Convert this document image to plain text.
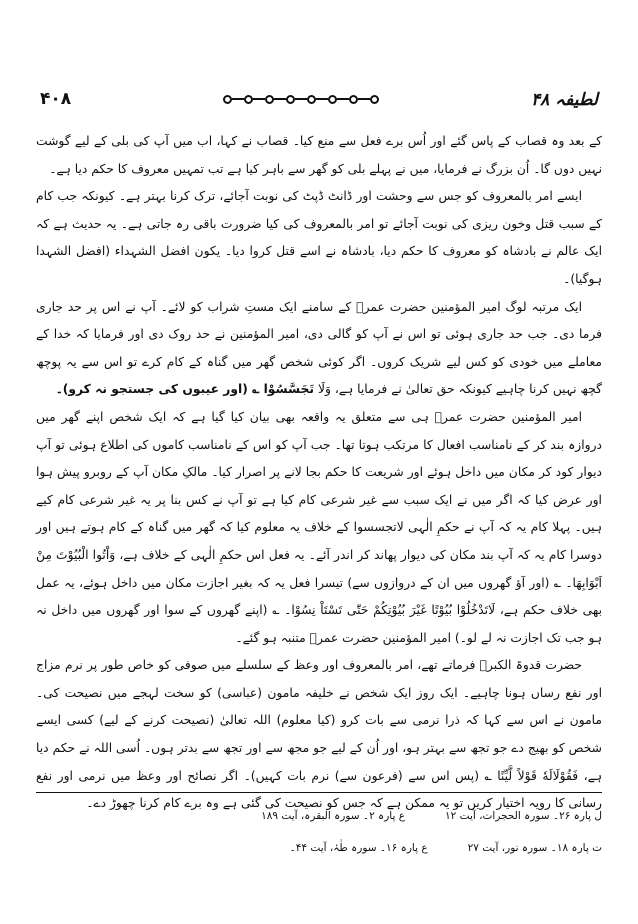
۴۰۸	لطیفہ ۴۸

کے بعد وہ قصاب کے پاس گئے اور اُس برے فعل سے منع کیا۔ قصاب نے کہا، اب میں آپ کی بلی کے لیے گوشت نہیں دوں گا۔ اُن بزرگ نے فرمایا، میں نے پہلے بلی کو گھر سے باہر کیا ہے تب تمہیں معروف کا حکم دیا ہے۔

ایسے امر بالمعروف کو جس سے وحشت اور ڈانٹ ڈپٹ کی نوبت آجائے، ترک کرنا بہتر ہے۔ کیونکہ جب کام کے سبب قتل وخون ریزی کی نوبت آجائے تو امر بالمعروف کی کیا ضرورت باقی رہ جاتی ہے۔ یہ حدیث ہے کہ ایک عالم نے بادشاہ کو معروف کا حکم دیا، بادشاہ نے اسے قتل کروا دیا۔ یکون افضل الشہداء (افضل الشہدا ہوگیا)۔

ایک مرتبہ لوگ امیر المؤمنین حضرت عمرؓ کے سامنے ایک مستِ شراب کو لائے۔ آپ نے اس پر حد جاری فرما دی۔ جب حد جاری ہوئی تو اس نے آپ کو گالی دی، امیر المؤمنین نے حد روک دی اور فرمایا کہ خدا کے معاملے میں خودی کو کس لیے شریک کروں۔ اگر کوئی شخص گھر میں گناہ کے کام کرے تو اس سے یہ پوچھ گچھ نہیں کرنا چاہیے کیونکہ حق تعالیٰ نے فرمایا ہے، وَلَا تَجَسَّسُوْا ؎ (اور عیبوں کی جستجو نہ کرو)۔

امیر المؤمنین حضرت عمرؓ ہی سے متعلق یہ واقعہ بھی بیان کیا گیا ہے کہ ایک شخص اپنے گھر میں دروازہ بند کر کے نامناسب افعال کا مرتکب ہوتا تھا۔ جب آپ کو اس کے نامناسب کاموں کی اطلاع ہوئی تو آپ دیوار کود کر مکان میں داخل ہوئے اور شریعت کا حکم بجا لانے پر اصرار کیا۔ مالکِ مکان آپ کے روبرو پیش ہوا اور عرض کیا کہ اگر میں نے ایک سبب سے غیر شرعی کام کیا ہے تو آپ نے کس بنا پر یہ غیر شرعی کام کیے ہیں۔ پہلا کام یہ کہ آپ نے حکمِ الٰہی لاتجسسوا کے خلاف یہ معلوم کیا کہ گھر میں گناہ کے کام ہوتے ہیں اور دوسرا کام یہ کہ آپ بند مکان کی دیوار پھاند کر اندر آئے۔ یہ فعل اس حکمِ الٰہی کے خلاف ہے، وَاْتُوا الْبُیُوْتَ مِنْ اَبْوَابِھَا۔ ؎ (اور آؤ گھروں میں ان کے دروازوں سے) تیسرا فعل یہ کہ بغیر اجازت مکان میں داخل ہوئے، یہ عمل بھی خلاف حکم ہے، لَاتَدْخُلُوْا بُیُوْتًا غَیْرَ بُیُوْتِکُمْ حَتّٰی تَسْتَاْ نِسُوْا۔ ؎ (اپنے گھروں کے سوا اور گھروں میں داخل نہ ہو جب تک اجازت نہ لے لو۔) امیر المؤمنین حضرت عمرؓ متنبہ ہو گئے۔

حضرت قدوۃ الکبرؒ فرماتے تھے، امر بالمعروف اور وعظ کے سلسلے میں صوفی کو خاص طور پر نرم مزاج اور نفع رساں ہونا چاہیے۔ ایک روز ایک شخص نے خلیفہ مامون (عباسی) کو سخت لہجے میں نصیحت کی۔ مامون نے اس سے کہا کہ ذرا نرمی سے بات کرو (کیا معلوم) اللہ تعالیٰ (نصیحت کرنے کے لیے) کسی ایسے شخص کو بھیج دے جو تجھ سے بہتر ہو، اور اُن کے لیے جو مجھ سے اور تجھ سے بدتر ہوں۔ اُسی اللہ نے حکم دیا ہے، فَقُوْلَالَهٗ قَوْلاً لَّیِّنًا ؎ (پس اس سے (فرعون سے) نرم بات کہیں)۔ اگر نصائح اور وعظ میں نرمی اور نفع رسانی کا رویہ اختیار کریں تو یہ ممکن ہے کہ جس کو نصیحت کی گئی ہے وہ برے کام کرنا چھوڑ دے۔

ل پارہ ۲۶۔ سورہ الحجرات، آیت ۱۲
ع پارہ ۲۔ سورہ البقرہ، آیت ۱۸۹
ت پارہ ۱۸۔ سورہ نور، آیت ۲۷
ع پارہ ۱۶۔ سورہ طٰہٰ، آیت ۴۴۔
